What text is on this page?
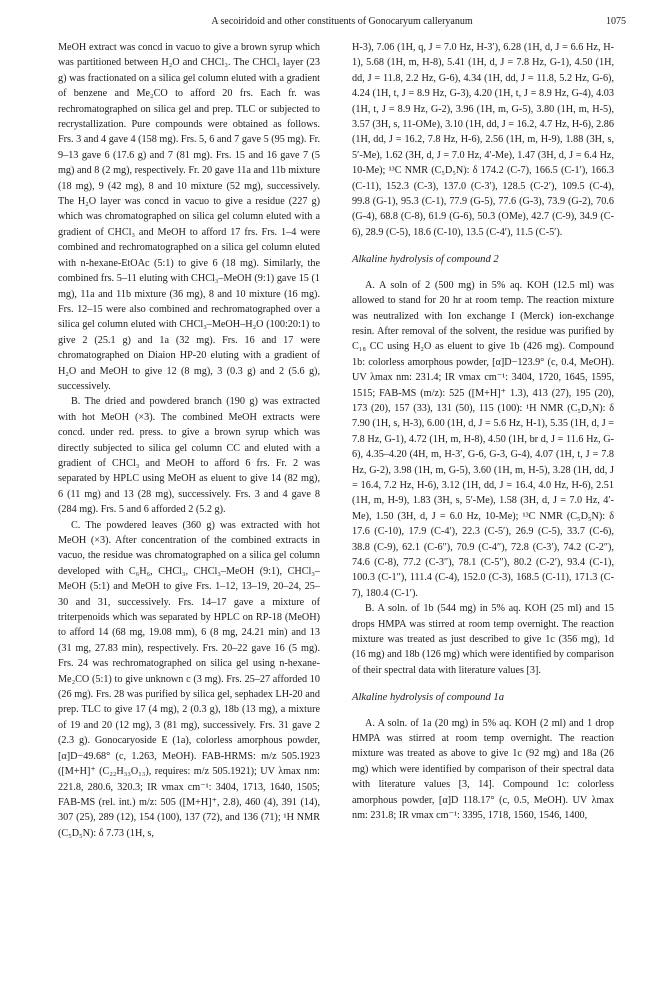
A secoiridoid and other constituents of Gonocaryum calleryanum	1075

MeOH extract was concd in vacuo to give a brown syrup which was partitioned between H₂O and CHCl₃. The CHCl₃ layer (23 g) was fractionated on a silica gel column eluted with a gradient of benzene and Me₂CO to afford 20 frs. Each fr. was rechromatographed on silica gel and prep. TLC or subjected to recrystallization. Pure compounds were obtained as follows. Frs. 3 and 4 gave 4 (158 mg). Frs. 5, 6 and 7 gave 5 (95 mg). Fr. 9–13 gave 6 (17.6 g) and 7 (81 mg). Frs. 15 and 16 gave 7 (5 mg) and 8 (2 mg), respectively. Fr. 20 gave 11a and 11b mixture (18 mg), 9 (42 mg), 8 and 10 mixture (52 mg), successively. The H₂O layer was concd in vacuo to give a residue (227 g) which was chromatographed on silica gel column eluted with a gradient of CHCl₃ and MeOH to afford 17 frs. Frs. 1–4 were combined and rechromatographed on a silica gel column eluted with n-hexane-EtOAc (5:1) to give 6 (18 mg). Similarly, the combined frs. 5–11 eluting with CHCl₃–MeOH (9:1) gave 15 (1 mg), 11a and 11b mixture (36 mg), 8 and 10 mixture (16 mg). Frs. 12–15 were also combined and rechromatographed over a silica gel column eluted with CHCl₃–MeOH–H₂O (100:20:1) to give 2 (25.1 g) and 1a (32 mg). Frs. 16 and 17 were chromatographed on Diaion HP-20 eluting with a gradient of H₂O and MeOH to give 12 (8 mg), 3 (0.3 g) and 2 (5.6 g), successively.

B. The dried and powdered branch (190 g) was extracted with hot MeOH (×3). The combined MeOH extracts were concd. under red. press. to give a brown syrup which was directly subjected to silica gel column CC and eluted with a gradient of CHCl₃ and MeOH to afford 6 frs. Fr. 2 was separated by HPLC using MeOH as eluent to give 14 (82 mg), 6 (11 mg) and 13 (28 mg), successively. Frs. 3 and 4 gave 8 (284 mg). Frs. 5 and 6 afforded 2 (5.2 g).

C. The powdered leaves (360 g) was extracted with hot MeOH (×3). After concentration of the combined extracts in vacuo, the residue was chromatographed on a silica gel column developed with C₆H₆, CHCl₃, CHCl₃–MeOH (9:1), CHCl₃–MeOH (5:1) and MeOH to give Frs. 1–12, 13–19, 20–24, 25–30 and 31, successively. Frs. 14–17 gave a mixture of triterpenoids which was separated by HPLC on RP-18 (MeOH) to afford 14 (68 mg, 19.08 mm), 6 (8 mg, 24.21 min) and 13 (31 mg, 27.83 min), respectively. Frs. 20–22 gave 16 (5 mg). Frs. 24 was rechromatographed on silica gel using n-hexane-Me₂CO (5:1) to give unknown c (3 mg). Frs. 25–27 afforded 10 (26 mg). Frs. 28 was purified by silica gel, sephadex LH-20 and prep. TLC to give 17 (4 mg), 2 (0.3 g), 18b (13 mg), a mixture of 19 and 20 (12 mg), 3 (81 mg), successively. Frs. 31 gave 2 (2.3 g). Gonocaryoside E (1a), colorless amorphous powder, [α]D−49.68° (c, 1.263, MeOH). FAB-HRMS: m/z 505.1923 ([M+H]⁺ (C₂₂H₃₃O₁₃), requires: m/z 505.1921); UV λmax nm: 221.8, 280.6, 320.3; IR νmax cm⁻¹: 3404, 1713, 1640, 1505; FAB-MS (rel. int.) m/z: 505 ([M+H]⁺, 2.8), 460 (4), 391 (14), 307 (25), 289 (12), 154 (100), 137 (72), and 136 (71); ¹H NMR (C₅D₅N): δ 7.73 (1H, s,

H-3), 7.06 (1H, q, J = 7.0 Hz, H-3′), 6.28 (1H, d, J = 6.6 Hz, H-1), 5.68 (1H, m, H-8), 5.41 (1H, d, J = 7.8 Hz, G-1), 4.50 (1H, dd, J = 11.8, 2.2 Hz, G-6), 4.34 (1H, dd, J = 11.8, 5.2 Hz, G-6), 4.24 (1H, t, J = 8.9 Hz, G-3), 4.20 (1H, t, J = 8.9 Hz, G-4), 4.03 (1H, t, J = 8.9 Hz, G-2), 3.96 (1H, m, G-5), 3.80 (1H, m, H-5), 3.57 (3H, s, 11-OMe), 3.10 (1H, dd, J = 16.2, 4.7 Hz, H-6), 2.86 (1H, dd, J = 16.2, 7.8 Hz, H-6), 2.56 (1H, m, H-9), 1.88 (3H, s, 5′-Me), 1.62 (3H, d, J = 7.0 Hz, 4′-Me), 1.47 (3H, d, J = 6.4 Hz, 10-Me); ¹³C NMR (C₅D₅N): δ 174.2 (C-7), 166.5 (C-1′), 166.3 (C-11), 152.3 (C-3), 137.0 (C-3′), 128.5 (C-2′), 109.5 (C-4), 99.8 (G-1), 95.3 (C-1), 77.9 (G-5), 77.6 (G-3), 73.9 (G-2), 70.6 (G-4), 68.8 (C-8), 61.9 (G-6), 50.3 (OMe), 42.7 (C-9), 34.9 (C-6), 28.9 (C-5), 18.6 (C-10), 13.5 (C-4′), 11.5 (C-5′).

Alkaline hydrolysis of compound 2

A. A soln of 2 (500 mg) in 5% aq. KOH (12.5 ml) was allowed to stand for 20 hr at room temp. The reaction mixture was neutralized with Ion exchange I (Merck) ion-exchange resin. After removal of the solvent, the residue was purified by C₁₈ CC using H₂O as eluent to give 1b (426 mg). Compound 1b: colorless amorphous powder, [α]D−123.9° (c, 0.4, MeOH). UV λmax nm: 231.4; IR νmax cm⁻¹: 3404, 1720, 1645, 1595, 1515; FAB-MS (m/z): 525 ([M+H]⁺ 1.3), 413 (27), 195 (20), 173 (20), 157 (33), 131 (50), 115 (100): ¹H NMR (C₅D₅N): δ 7.90 (1H, s, H-3), 6.00 (1H, d, J = 5.6 Hz, H-1), 5.35 (1H, d, J = 7.8 Hz, G-1), 4.72 (1H, m, H-8), 4.50 (1H, br d, J = 11.6 Hz, G-6), 4.35–4.20 (4H, m, H-3′, G-6, G-3, G-4), 4.07 (1H, t, J = 7.8 Hz, G-2), 3.98 (1H, m, G-5), 3.60 (1H, m, H-5), 3.28 (1H, dd, J = 16.4, 7.2 Hz, H-6), 3.12 (1H, dd, J = 16.4, 4.0 Hz, H-6), 2.51 (1H, m, H-9), 1.83 (3H, s, 5′-Me), 1.58 (3H, d, J = 7.0 Hz, 4′-Me), 1.50 (3H, d, J = 6.0 Hz, 10-Me); ¹³C NMR (C₅D₅N): δ 17.6 (C-10), 17.9 (C-4′), 22.3 (C-5′), 26.9 (C-5), 33.7 (C-6), 38.8 (C-9), 62.1 (C-6″), 70.9 (C-4″), 72.8 (C-3′), 74.2 (C-2″), 74.6 (C-8), 77.2 (C-3″), 78.1 (C-5″), 80.2 (C-2′), 93.4 (C-1), 100.3 (C-1″), 111.4 (C-4), 152.0 (C-3), 168.5 (C-11), 171.3 (C-7), 180.4 (C-1′).

B. A soln. of 1b (544 mg) in 5% aq. KOH (25 ml) and 15 drops HMPA was stirred at room temp overnight. The reaction mixture was treated as just described to give 1c (356 mg), 1d (16 mg) and 18b (126 mg) which were identified by comparison of their spectral data with literature values [3].

Alkaline hydrolysis of compound 1a

A. A soln. of 1a (20 mg) in 5% aq. KOH (2 ml) and 1 drop HMPA was stirred at room temp overnight. The reaction mixture was treated as above to give 1c (92 mg) and 18a (26 mg) which were identified by comparison of their spectral data with literature values [3, 14]. Compound 1c: colorless amorphous powder, [α]D 118.17° (c, 0.5, MeOH). UV λmax nm: 231.8; IR νmax cm⁻¹: 3395, 1718, 1560, 1546, 1400,
